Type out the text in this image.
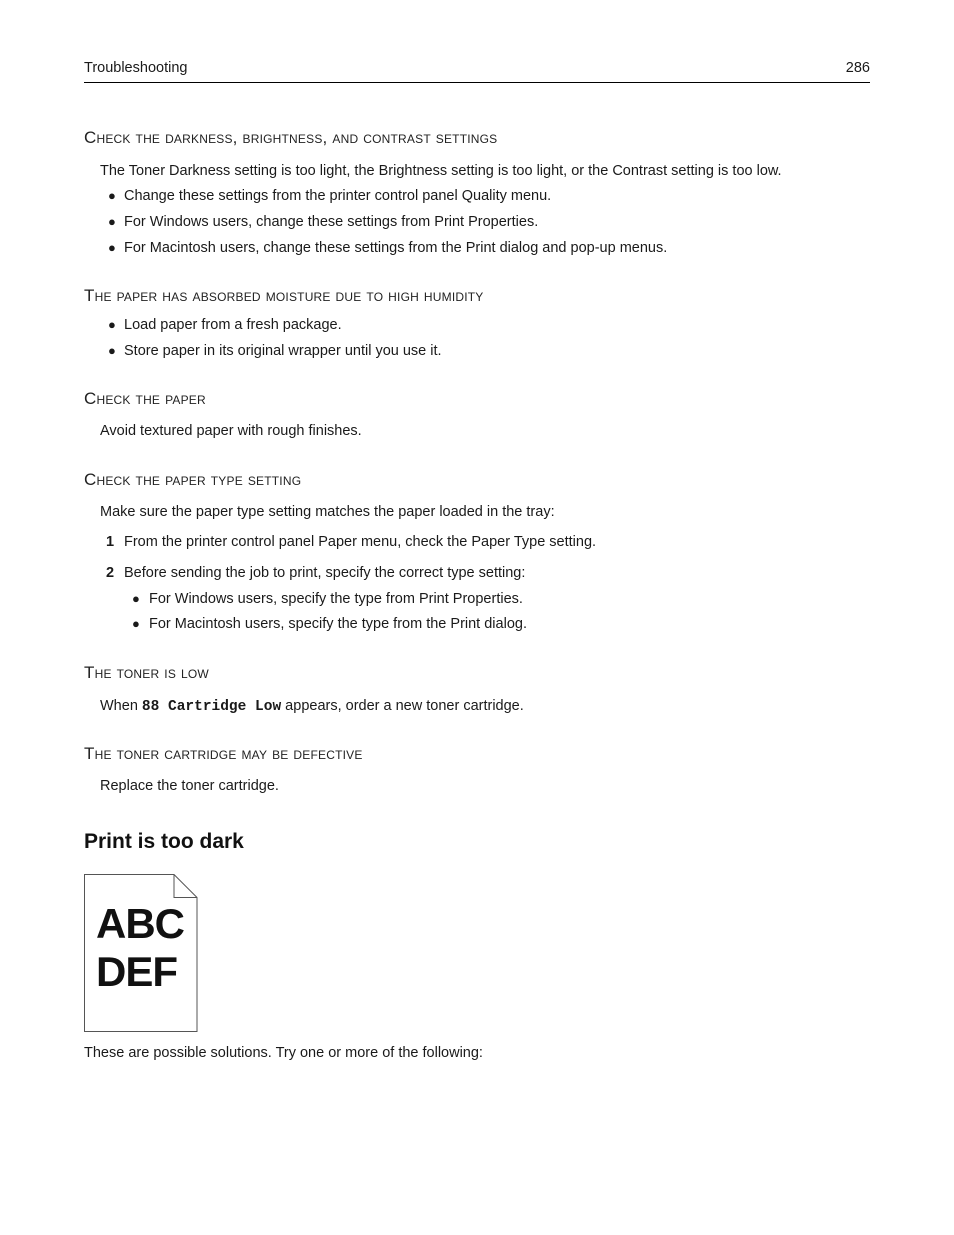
Troubleshooting	286
Check the darkness, brightness, and contrast settings
The Toner Darkness setting is too light, the Brightness setting is too light, or the Contrast setting is too low.
● Change these settings from the printer control panel Quality menu.
● For Windows users, change these settings from Print Properties.
● For Macintosh users, change these settings from the Print dialog and pop-up menus.
The paper has absorbed moisture due to high humidity
● Load paper from a fresh package.
● Store paper in its original wrapper until you use it.
Check the paper
Avoid textured paper with rough finishes.
Check the paper type setting
Make sure the paper type setting matches the paper loaded in the tray:
1 From the printer control panel Paper menu, check the Paper Type setting.
2 Before sending the job to print, specify the correct type setting:
● For Windows users, specify the type from Print Properties.
● For Macintosh users, specify the type from the Print dialog.
The toner is low
When 88 Cartridge Low appears, order a new toner cartridge.
The toner cartridge may be defective
Replace the toner cartridge.
Print is too dark
ABC
DEF
These are possible solutions. Try one or more of the following:
